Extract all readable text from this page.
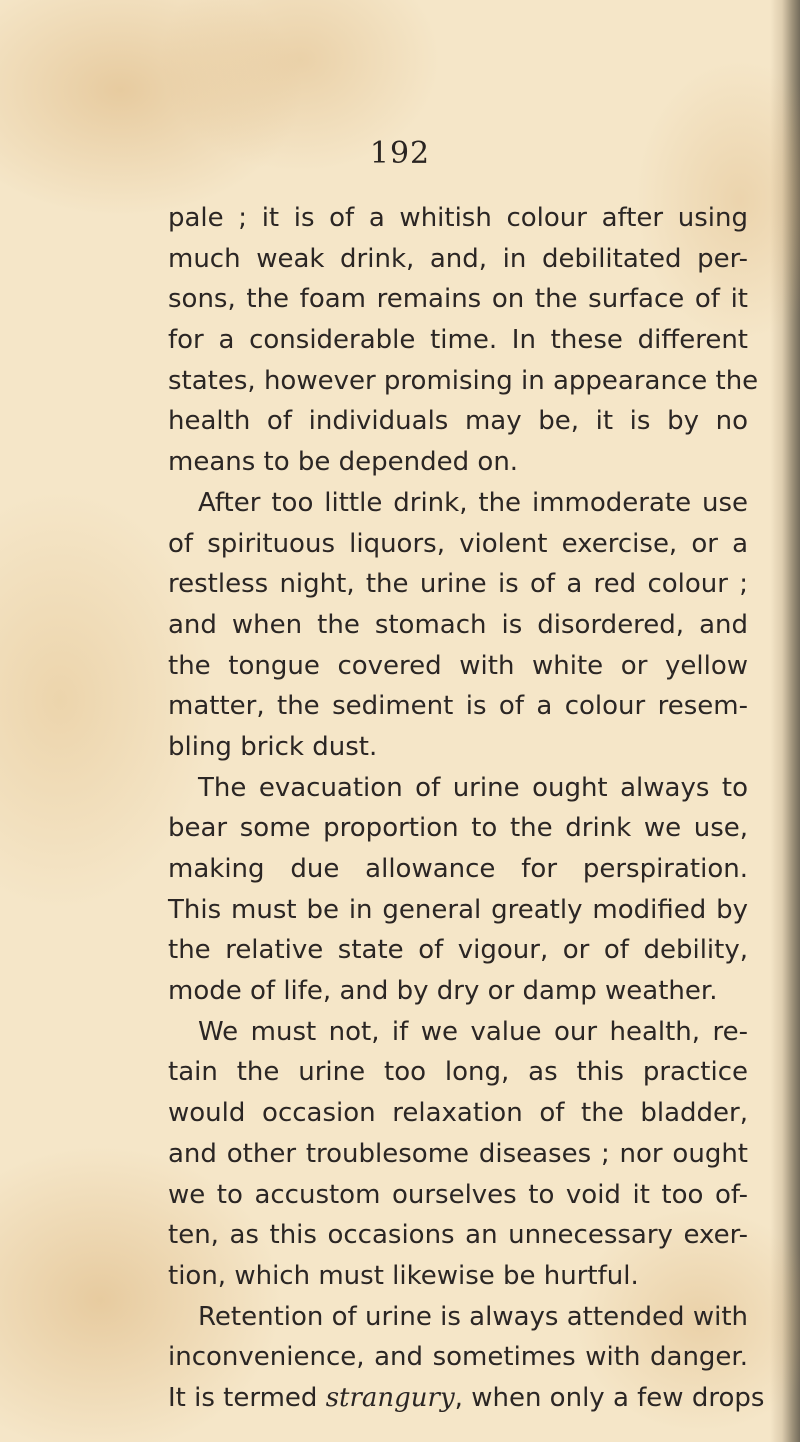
192
pale ; it is of a whitish colour after using
much weak drink, and, in debilitated per-
sons, the foam remains on the surface of it
for a considerable time. In these different
states, however promising in appearance the
health of individuals may be, it is by no
means to be depended on.
After too little drink, the immoderate use
of spirituous liquors, violent exercise, or a
restless night, the urine is of a red colour ;
and when the stomach is disordered, and
the tongue covered with white or yellow
matter, the sediment is of a colour resem-
bling brick dust.
The evacuation of urine ought always to
bear some proportion to the drink we use,
making due allowance for perspiration.
This must be in general greatly modified by
the relative state of vigour, or of debility,
mode of life, and by dry or damp weather.
We must not, if we value our health, re-
tain the urine too long, as this practice
would occasion relaxation of the bladder,
and other troublesome diseases ; nor ought
we to accustom ourselves to void it too of-
ten, as this occasions an unnecessary exer-
tion, which must likewise be hurtful.
Retention of urine is always attended with
inconvenience, and sometimes with danger.
It is termed strangury, when only a few drops
